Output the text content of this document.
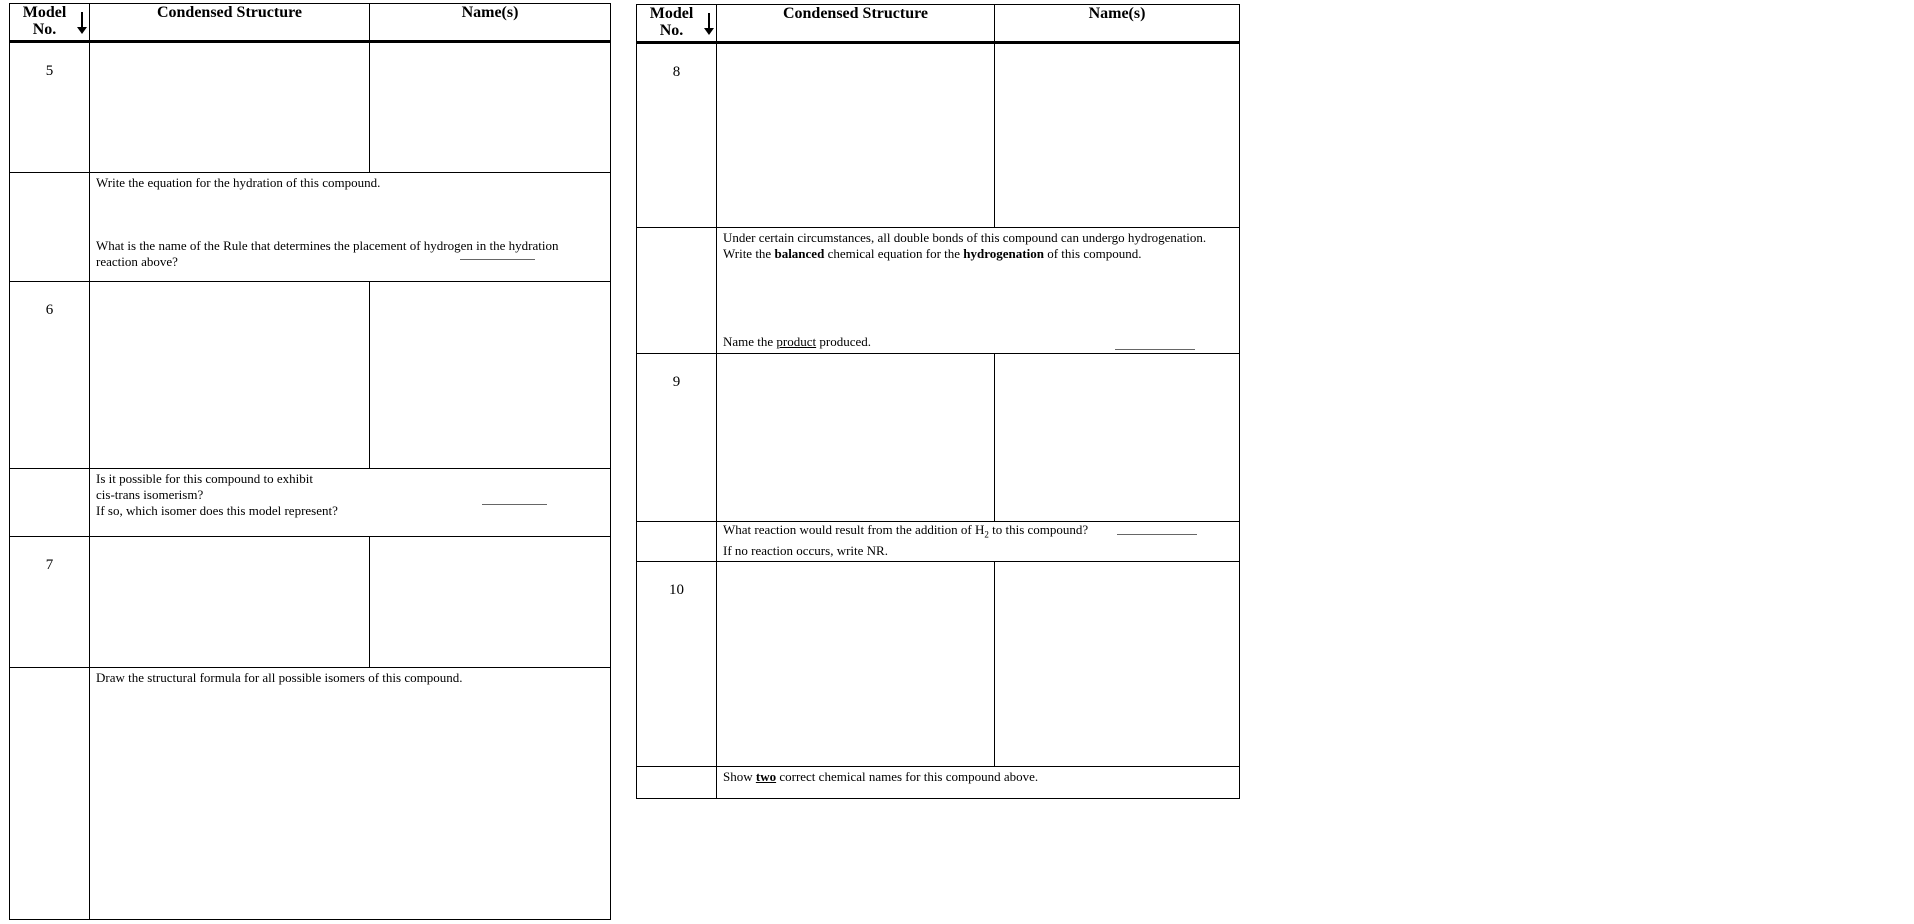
Model
No.	Condensed Structure	Name(s)
5		

	Write the equation for the hydration of this compound.
What is the name of the Rule that determines the placement of hydrogen in the hydration reaction above?	

6		

	Is it possible for this compound to exhibit
cis-trans isomerism?
If so, which isomer does this model represent?	

7		

	Draw the structural formula for all possible isomers of this compound.	
Model
No.	Condensed Structure	Name(s)
8		

	Under certain circumstances, all double bonds of this compound can undergo hydrogenation.
Write the balanced chemical equation for the hydrogenation of this compound.
Name the product produced.	

9		

	What reaction would result from the addition of $H_2$ to this compound?
If no reaction occurs, write NR.	

10		

	Show two correct chemical names for this compound above.	
